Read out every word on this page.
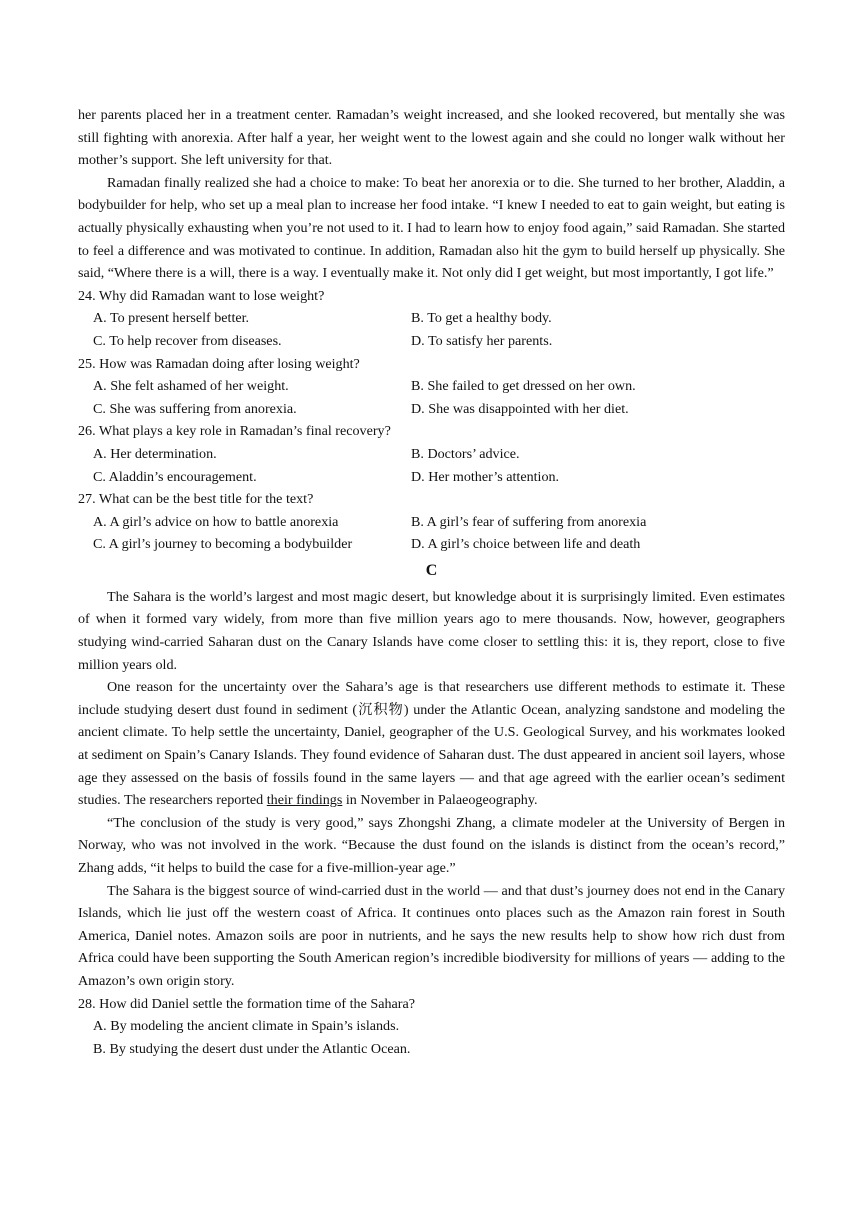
her parents placed her in a treatment center. Ramadan’s weight increased, and she looked recovered, but mentally she was still fighting with anorexia. After half a year, her weight went to the lowest again and she could no longer walk without her mother’s support. She left university for that.

Ramadan finally realized she had a choice to make: To beat her anorexia or to die. She turned to her brother, Aladdin, a bodybuilder for help, who set up a meal plan to increase her food intake. “I knew I needed to eat to gain weight, but eating is actually physically exhausting when you’re not used to it. I had to learn how to enjoy food again,” said Ramadan. She started to feel a difference and was motivated to continue. In addition, Ramadan also hit the gym to build herself up physically. She said, “Where there is a will, there is a way. I eventually make it. Not only did I get weight, but most importantly, I got life.”

24. Why did Ramadan want to lose weight?

A. To present herself better.	B. To get a healthy body.
C. To help recover from diseases.	D. To satisfy her parents.

25. How was Ramadan doing after losing weight?

A. She felt ashamed of her weight.	B. She failed to get dressed on her own.
C. She was suffering from anorexia.	D. She was disappointed with her diet.

26. What plays a key role in Ramadan’s final recovery?

A. Her determination.	B. Doctors’ advice.
C. Aladdin’s encouragement.	D. Her mother’s attention.

27. What can be the best title for the text?

A. A girl’s advice on how to battle anorexia	B. A girl’s fear of suffering from anorexia
C. A girl’s journey to becoming a bodybuilder	D. A girl’s choice between life and death
C

The Sahara is the world’s largest and most magic desert, but knowledge about it is surprisingly limited. Even estimates of when it formed vary widely, from more than five million years ago to mere thousands. Now, however, geographers studying wind-carried Saharan dust on the Canary Islands have come closer to settling this: it is, they report, close to five million years old.

One reason for the uncertainty over the Sahara’s age is that researchers use different methods to estimate it. These include studying desert dust found in sediment (沉积物) under the Atlantic Ocean, analyzing sandstone and modeling the ancient climate. To help settle the uncertainty, Daniel, geographer of the U.S. Geological Survey, and his workmates looked at sediment on Spain’s Canary Islands. They found evidence of Saharan dust. The dust appeared in ancient soil layers, whose age they assessed on the basis of fossils found in the same layers — and that age agreed with the earlier ocean’s sediment studies. The researchers reported their findings in November in Palaeogeography.

“The conclusion of the study is very good,” says Zhongshi Zhang, a climate modeler at the University of Bergen in Norway, who was not involved in the work. “Because the dust found on the islands is distinct from the ocean’s record,” Zhang adds, “it helps to build the case for a five-million-year age.”

The Sahara is the biggest source of wind-carried dust in the world — and that dust’s journey does not end in the Canary Islands, which lie just off the western coast of Africa. It continues onto places such as the Amazon rain forest in South America, Daniel notes. Amazon soils are poor in nutrients, and he says the new results help to show how rich dust from Africa could have been supporting the South American region’s incredible biodiversity for millions of years — adding to the Amazon’s own origin story.

28. How did Daniel settle the formation time of the Sahara?

A. By modeling the ancient climate in Spain’s islands.

B. By studying the desert dust under the Atlantic Ocean.
